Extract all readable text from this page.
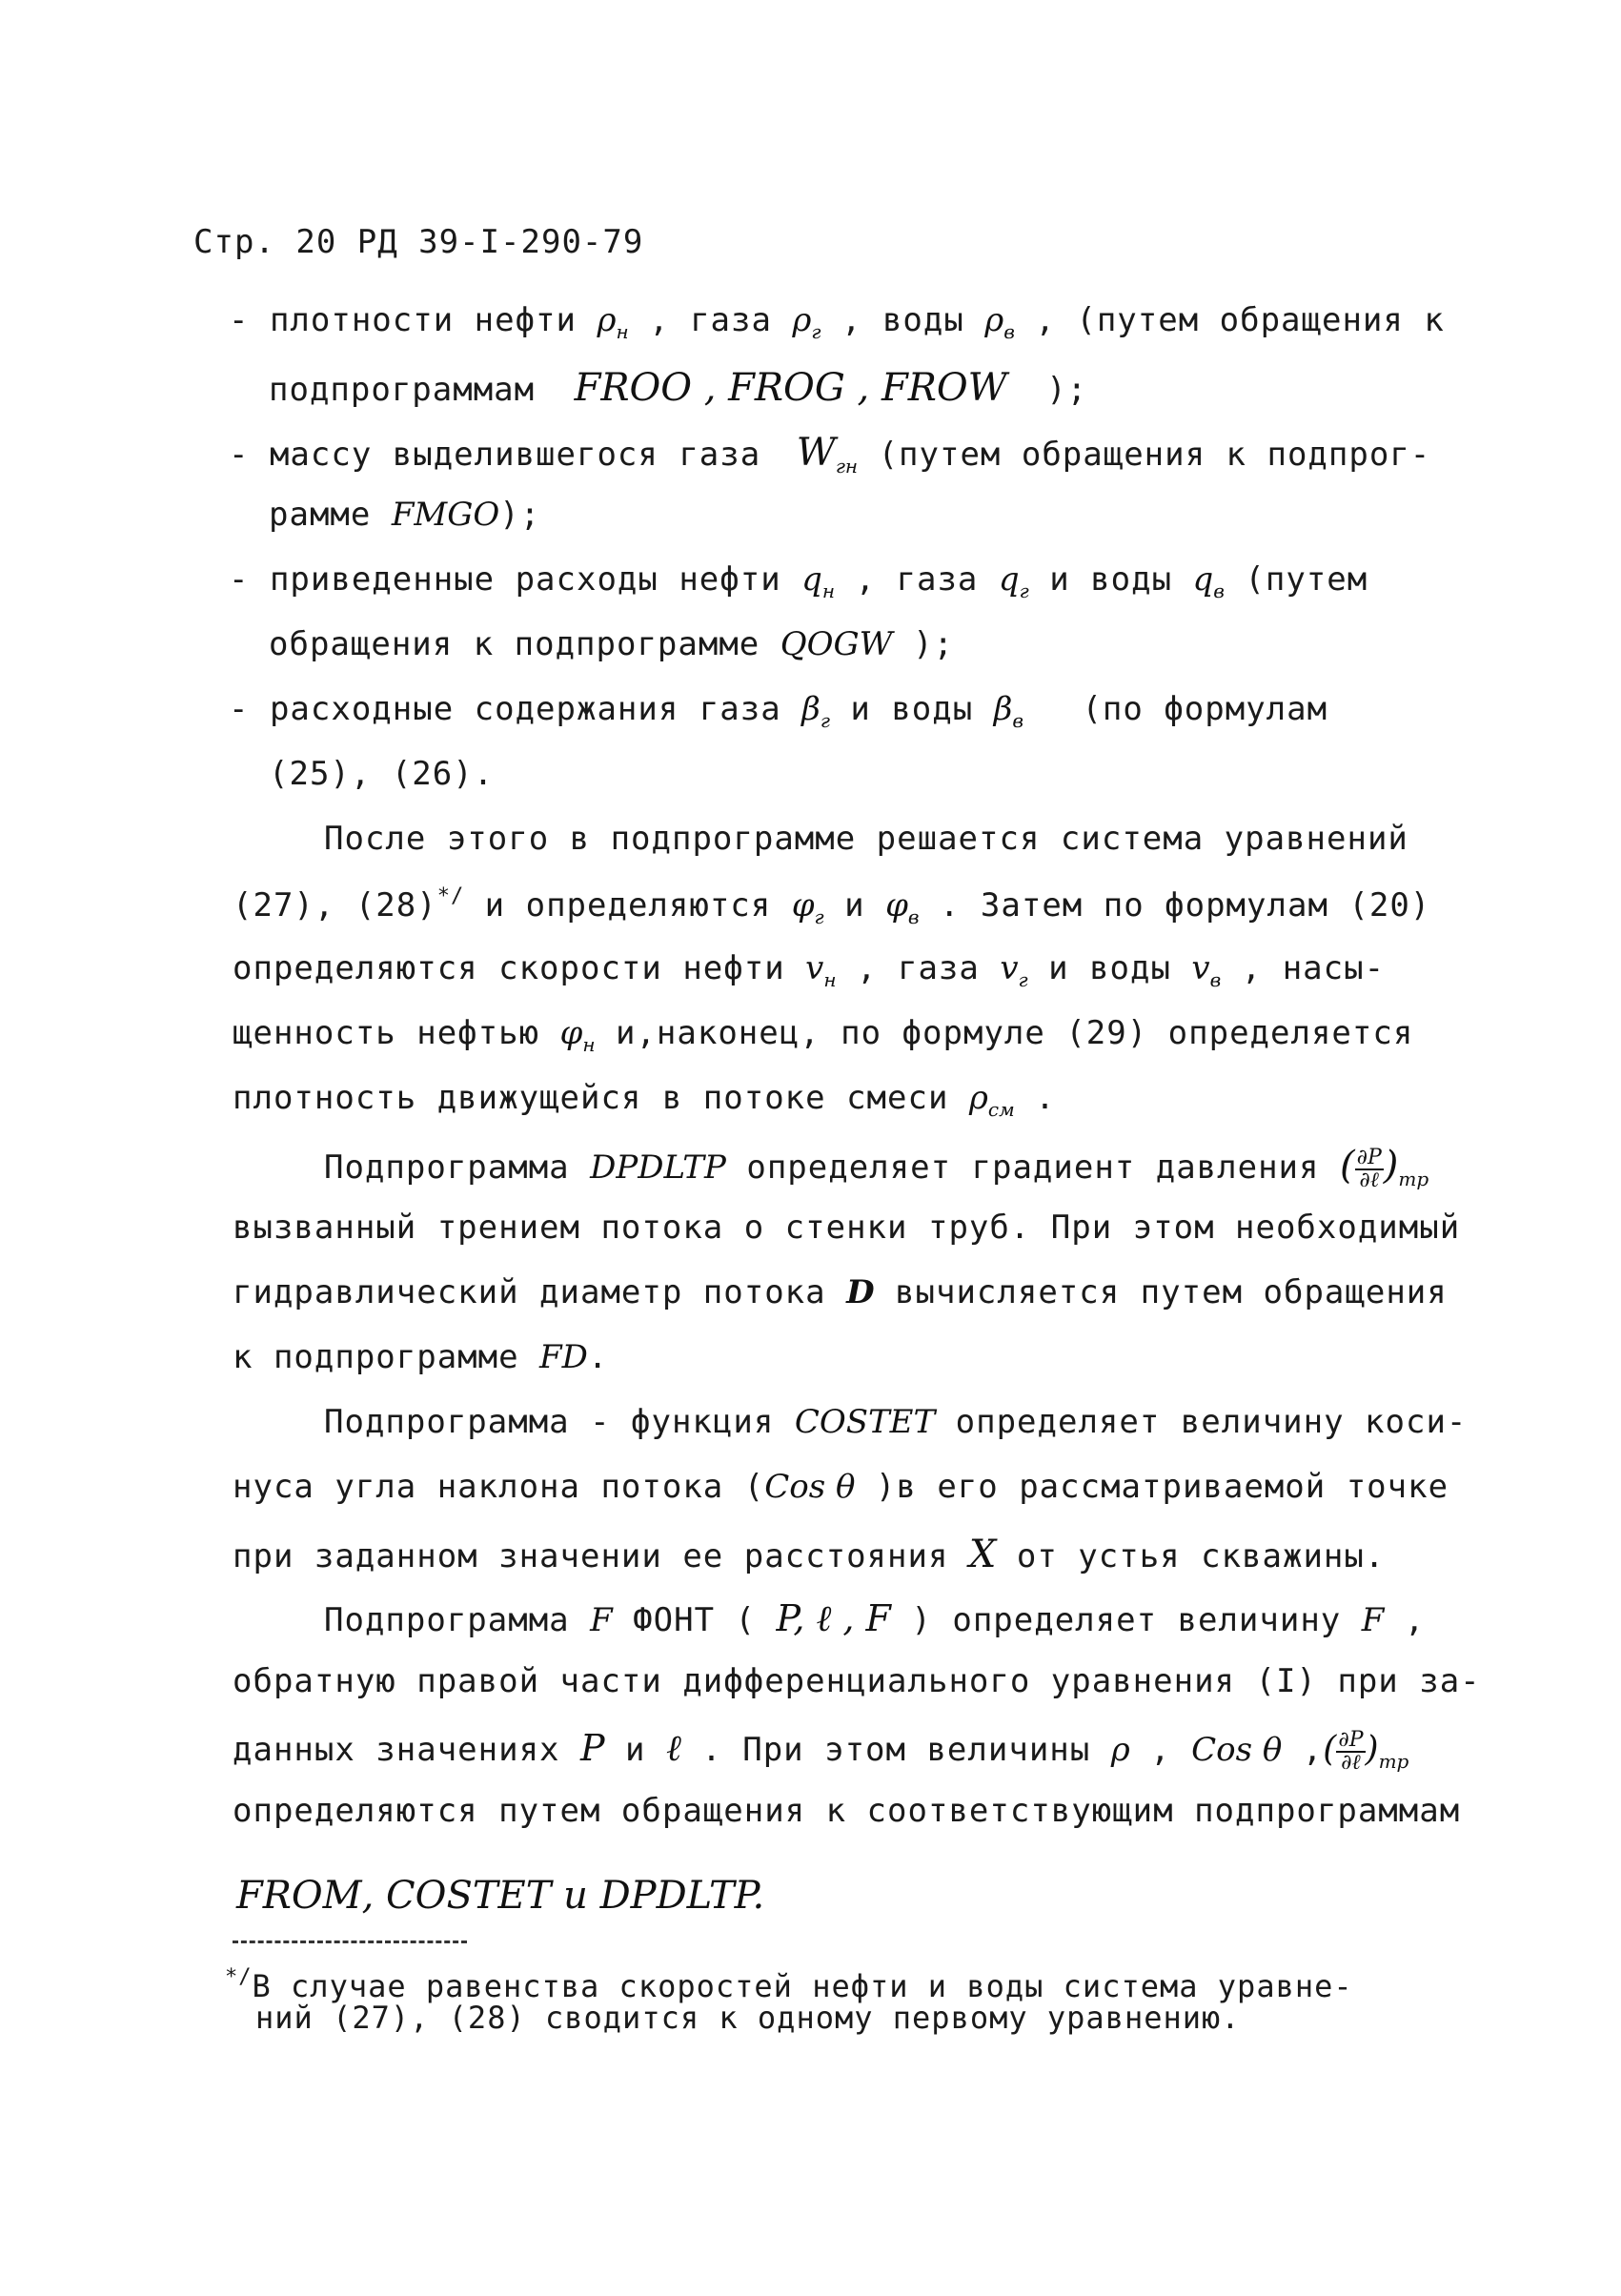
Стр. 20 РД 39-I-290-79
- плотности нефти $\rho_н$ , газа $\rho_г$ , воды $\rho_в$ , (путем обращения к
подпрограммам FROO , FROG , FROW );
- массу выделившегося газа $W_{гн}$ (путем обращения к подпрог-
рамме FMGO);
- приведенные расходы нефти $q_н$ , газа $q_г$ и воды $q_в$ (путем
обращения к подпрограмме QOGW );
- расходные содержания газа $\beta_г$ и воды $\beta_в$ (по формулам
(25), (26).
После этого в подпрограмме решается система уравнений
(27), (28)*/ и определяются $\varphi_г$ и $\varphi_в$ . Затем по формулам (20)
определяются скорости нефти $v_н$ , газа $v_г$ и воды $v_в$ , насы-
щенность нефтью $\varphi_н$ и,наконец, по формуле (29) определяется
плотность движущейся в потоке смеси $\rho_{см}$ .
Подпрограмма DPDLTP определяет градиент давления ( $\frac{\partial P}{\text{∂ℓ}} )_{тр}$
вызванный трением потока о стенки труб. При этом необходимый
гидравлический диаметр потока D вычисляется путем обращения
к подпрограмме FD.
Подпрограмма - функция COSTET определяет величину коси-
нуса угла наклона потока (Cos θ )в его рассматриваемой точке
при заданном значении ее расстояния X от устья скважины.
Подпрограмма F ФОНТ ( P, ℓ , F ) определяет величину F ,
обратную правой части дифференциального уравнения (I) при за-
данных значениях P и ℓ . При этом величины ρ , Cos θ ,( $\frac{\partial P}{\text{∂ℓ}} )_{тр}$
определяются путем обращения к соответствующим подпрограммам
FROM, COSTET и DPDLTP.
*/В случае равенства скоростей нефти и воды система уравне-
ний (27), (28) сводится к одному первому уравнению.
